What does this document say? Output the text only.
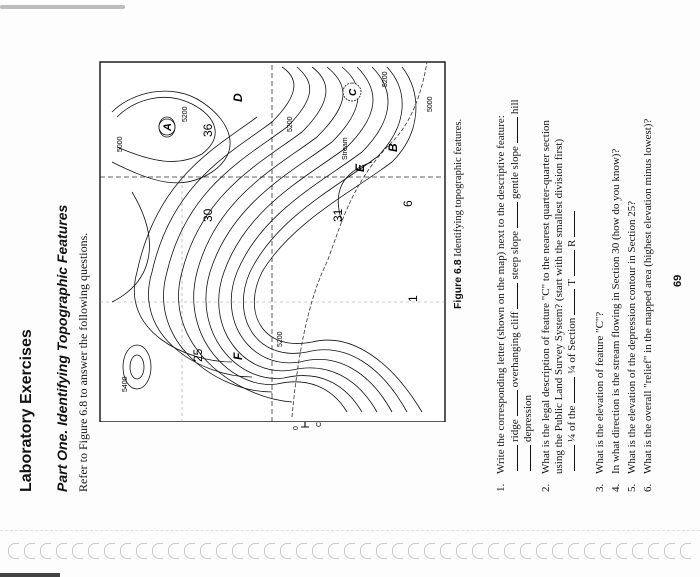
Laboratory Exercises Part One. Identifying Topographic Features Refer to Figure 6.8 to answer the following questions.	0
30	31
36
25
6
1
D
C
B
E
F
A
5200
5200
5400
5000
5200
5200
5000
Stream
Figure 6.8 Identifying topographic features.
1.Write the corresponding letter (shown on the map) next to the descriptive feature: ridgeoverhanging cliffsteep slopegentle slopehill
depression
2.What is the legal description of feature "C" to the nearest quarter-quarter section
using the Public Land Survey System? (start with the smallest division first) ¼ of the¼ of SectionTR
3.What is the elevation of feature "C"?
4.In what direction is the stream flowing in Section 30 (how do you know)?
5.What is the elevation of the depression contour in Section 25?
6.What is the overall "relief" in the mapped area (highest elevation minus lowest)? 69
